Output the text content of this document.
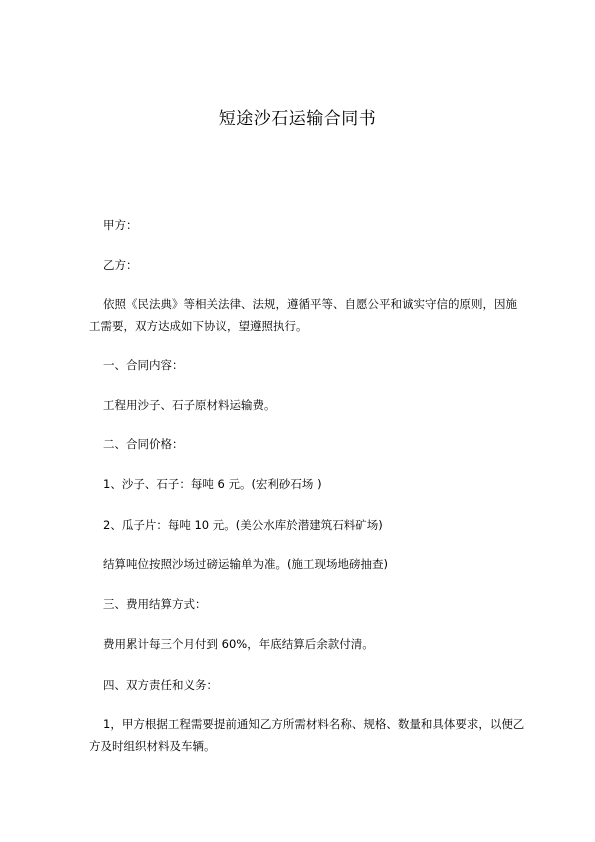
短途沙石运输合同书
甲方：
乙方：
依照《民法典》等相关法律、法规，遵循平等、自愿公平和诚实守信的原则，因施工需要，双方达成如下协议，望遵照执行。
一、合同内容：
工程用沙子、石子原材料运输费。
二、合同价格：
1、沙子、石子：每吨 6 元。(宏利砂石场 )
2、瓜子片：每吨 10 元。(美公水库於潜建筑石料矿场)
结算吨位按照沙场过磅运输单为准。(施工现场地磅抽查)
三、费用结算方式：
费用累计每三个月付到 60%，年底结算后余款付清。
四、双方责任和义务：
1，甲方根据工程需要提前通知乙方所需材料名称、规格、数量和具体要求，以便乙方及时组织材料及车辆。
